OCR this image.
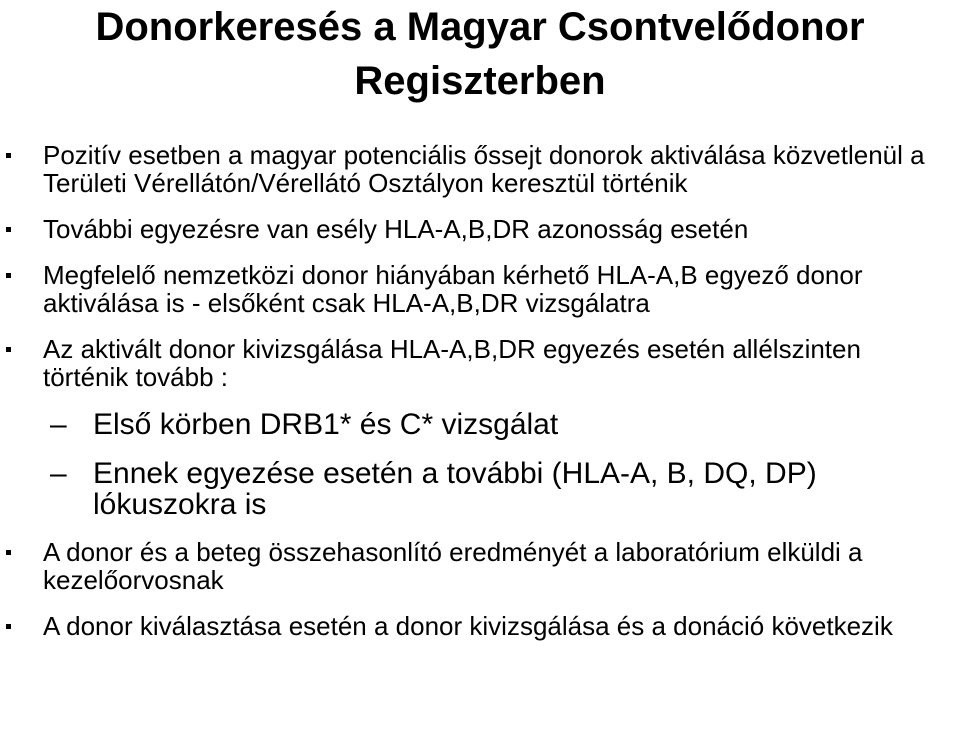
Donorkeresés a Magyar Csontvelődonor
Regiszterben
Pozitív esetben a magyar potenciális őssejt donorok aktiválása közvetlenül a Területi Vérellátón/Vérellátó Osztályon keresztül történik
További egyezésre van esély HLA-A,B,DR azonosság esetén
Megfelelő nemzetközi donor hiányában kérhető HLA-A,B egyező donor aktiválása is - elsőként csak HLA-A,B,DR vizsgálatra
Az aktivált donor kivizsgálása HLA-A,B,DR egyezés esetén allélszinten történik tovább :
– Első körben DRB1* és C* vizsgálat
– Ennek egyezése esetén a további (HLA-A, B, DQ, DP) lókuszokra is
A donor és a beteg összehasonlító eredményét a laboratórium elküldi a kezelőorvosnak
A donor kiválasztása esetén a donor kivizsgálása és a donáció következik
